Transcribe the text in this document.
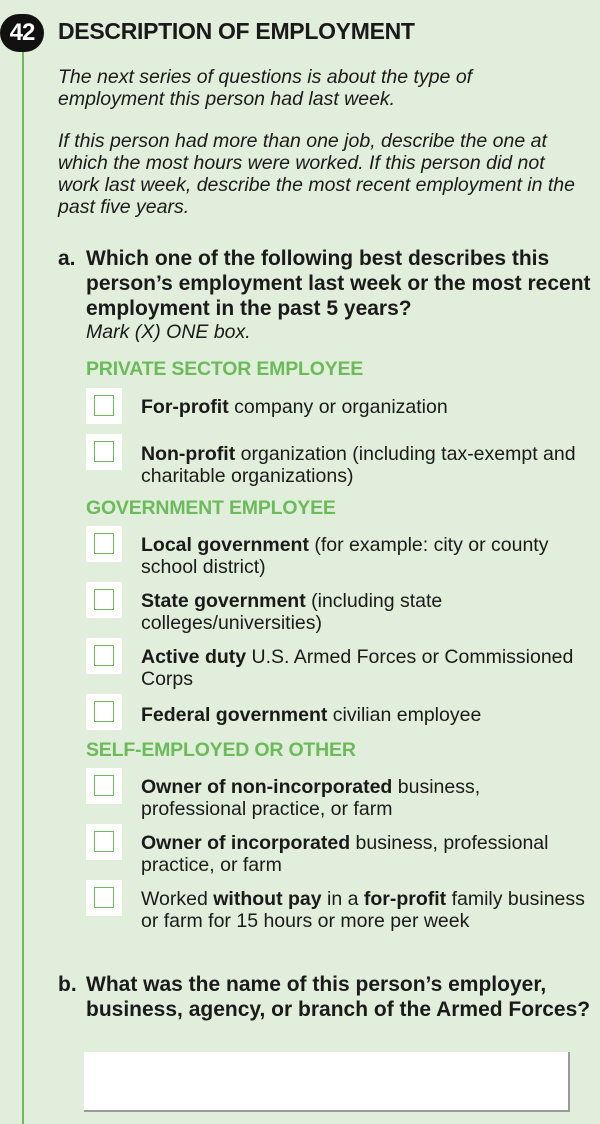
42	DESCRIPTION OF EMPLOYMENT

The next series of questions is about the type of employment this person had last week.

If this person had more than one job, describe the one at which the most hours were worked. If this person did not work last week, describe the most recent employment in the past five years.

a. Which one of the following best describes this person’s employment last week or the most recent employment in the past 5 years?
Mark (X) ONE box.

PRIVATE SECTOR EMPLOYEE

For-profit company or organization

Non-profit organization (including tax-exempt and charitable organizations)

GOVERNMENT EMPLOYEE

Local government (for example: city or county school district)

State government (including state colleges/universities)

Active duty U.S. Armed Forces or Commissioned Corps

Federal government civilian employee

SELF-EMPLOYED OR OTHER

Owner of non-incorporated business, professional practice, or farm

Owner of incorporated business, professional practice, or farm

Worked without pay in a for-profit family business or farm for 15 hours or more per week

b. What was the name of this person’s employer, business, agency, or branch of the Armed Forces?
